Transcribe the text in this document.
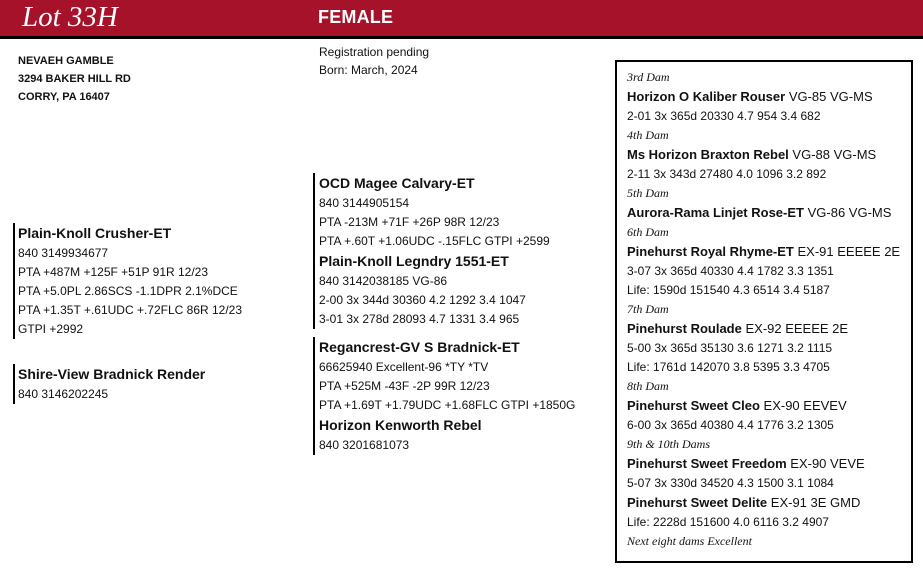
Lot 33H	FEMALE
NEVAEH GAMBLE
3294 BAKER HILL RD
CORRY, PA 16407
Registration pending
Born: March, 2024
Plain-Knoll Crusher-ET
840 3149934677
PTA +487M +125F +51P 91R 12/23
PTA +5.0PL 2.86SCS -1.1DPR 2.1%DCE
PTA +1.35T +.61UDC +.72FLC 86R 12/23
GTPI +2992
Shire-View Bradnick Render
840 3146202245
OCD Magee Calvary-ET
840 3144905154
PTA -213M +71F +26P 98R 12/23
PTA +.60T +1.06UDC -.15FLC GTPI +2599
Plain-Knoll Legndry 1551-ET
840 3142038185 VG-86
2-00 3x 344d 30360 4.2 1292 3.4 1047
3-01 3x 278d 28093 4.7 1331 3.4 965
Regancrest-GV S Bradnick-ET
66625940 Excellent-96 *TY *TV
PTA +525M -43F -2P 99R 12/23
PTA +1.69T +1.79UDC +1.68FLC GTPI +1850G
Horizon Kenworth Rebel
840 3201681073
3rd Dam
Horizon O Kaliber Rouser VG-85 VG-MS
2-01 3x 365d 20330 4.7 954 3.4 682
4th Dam
Ms Horizon Braxton Rebel VG-88 VG-MS
2-11 3x 343d 27480 4.0 1096 3.2 892
5th Dam
Aurora-Rama Linjet Rose-ET VG-86 VG-MS
6th Dam
Pinehurst Royal Rhyme-ET EX-91 EEEEE 2E
3-07 3x 365d 40330 4.4 1782 3.3 1351
Life: 1590d 151540 4.3 6514 3.4 5187
7th Dam
Pinehurst Roulade EX-92 EEEEE 2E
5-00 3x 365d 35130 3.6 1271 3.2 1115
Life: 1761d 142070 3.8 5395 3.3 4705
8th Dam
Pinehurst Sweet Cleo EX-90 EEVEV
6-00 3x 365d 40380 4.4 1776 3.2 1305
9th & 10th Dams
Pinehurst Sweet Freedom EX-90 VEVE
5-07 3x 330d 34520 4.3 1500 3.1 1084
Pinehurst Sweet Delite EX-91 3E GMD
Life: 2228d 151600 4.0 6116 3.2 4907
Next eight dams Excellent
